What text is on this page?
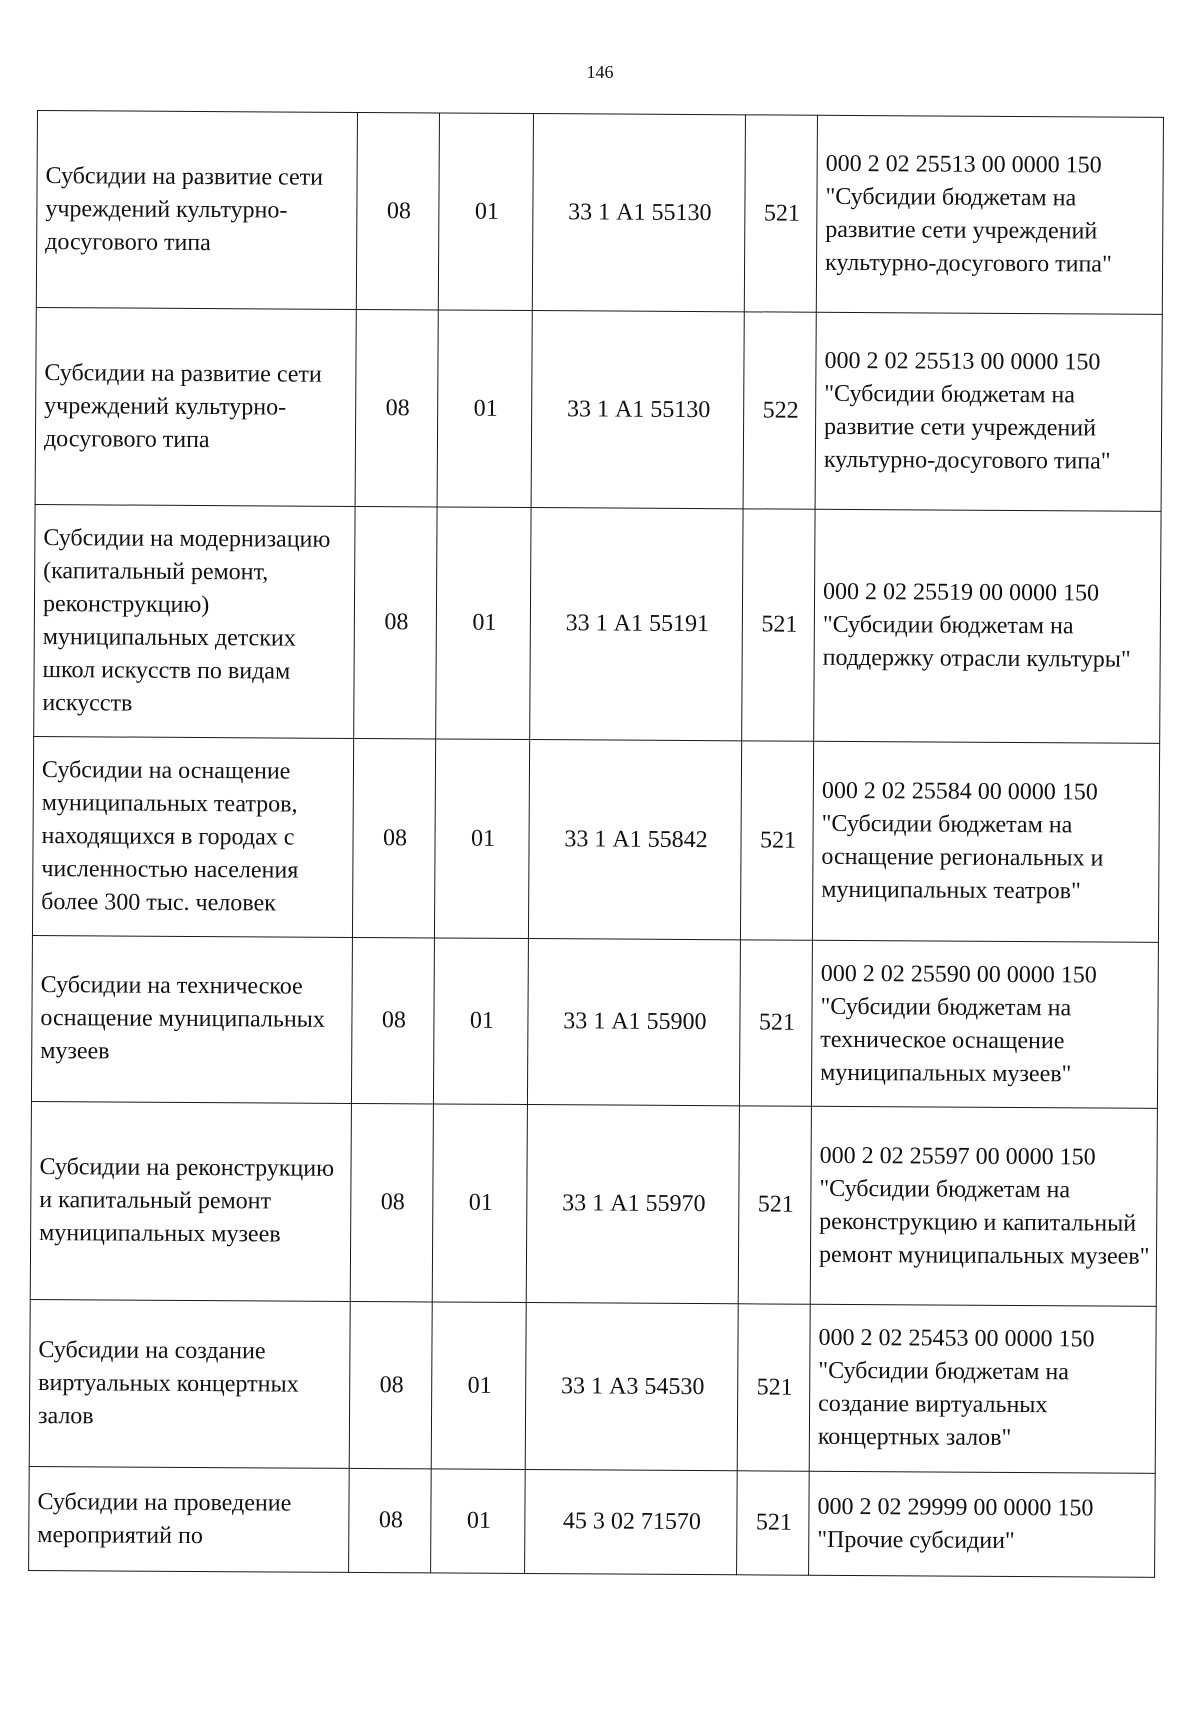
146
Субсидии на развитие сети учреждений культурно-досугового типа	08	01	33 1 А1 55130	521	000 2 02 25513 00 0000 150 "Субсидии бюджетам на развитие сети учреждений культурно-досугового типа"

Субсидии на развитие сети учреждений культурно-досугового типа	08	01	33 1 А1 55130	522	000 2 02 25513 00 0000 150 "Субсидии бюджетам на развитие сети учреждений культурно-досугового типа"

Субсидии на модернизацию (капитальный ремонт, реконструкцию) муниципальных детских школ искусств по видам искусств	08	01	33 1 А1 55191	521	000 2 02 25519 00 0000 150 "Субсидии бюджетам на поддержку отрасли культуры"

Субсидии на оснащение муниципальных театров, находящихся в городах с численностью населения более 300 тыс. человек	08	01	33 1 А1 55842	521	000 2 02 25584 00 0000 150 "Субсидии бюджетам на оснащение региональных и муниципальных театров"

Субсидии на техническое оснащение муниципальных музеев	08	01	33 1 А1 55900	521	000 2 02 25590 00 0000 150 "Субсидии бюджетам на техническое оснащение муниципальных музеев"

Субсидии на реконструкцию и капитальный ремонт муниципальных музеев	08	01	33 1 А1 55970	521	000 2 02 25597 00 0000 150 "Субсидии бюджетам на реконструкцию и капитальный ремонт муниципальных музеев"

Субсидии на создание виртуальных концертных залов	08	01	33 1 А3 54530	521	000 2 02 25453 00 0000 150 "Субсидии бюджетам на создание виртуальных концертных залов"

Субсидии на проведение мероприятий по	08	01	45 3 02 71570	521	000 2 02 29999 00 0000 150 "Прочие субсидии"
